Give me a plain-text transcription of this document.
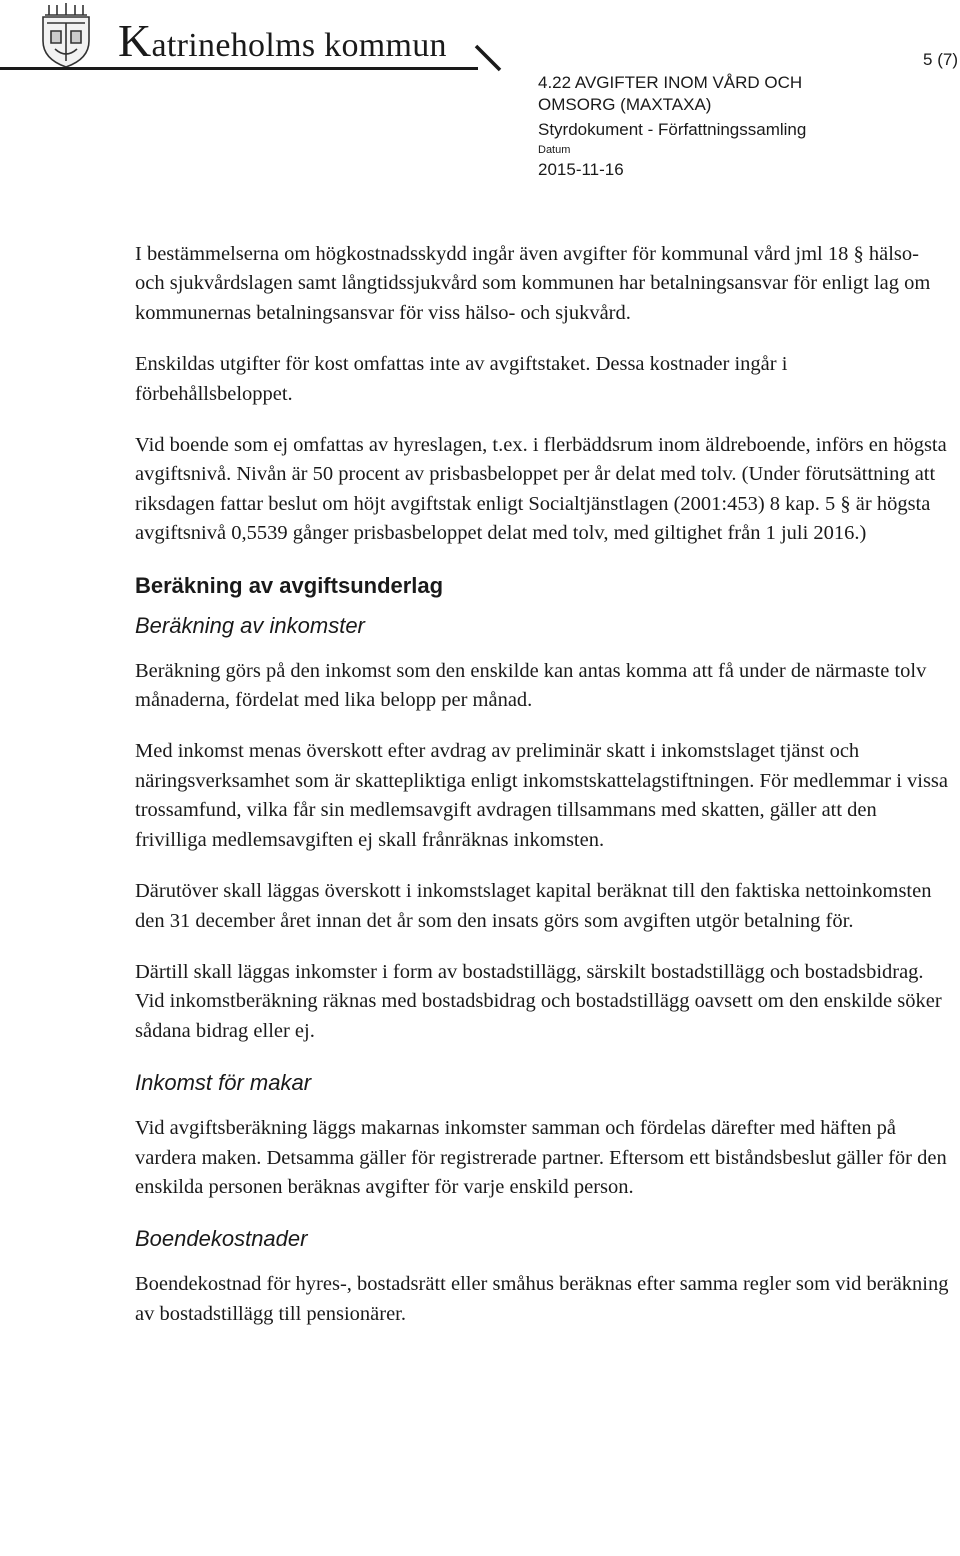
Katrineholms kommun	5 (7)
4.22 AVGIFTER INOM VÅRD OCH
OMSORG (MAXTAXA)
Styrdokument - Författningssamling
Datum
2015-11-16

I bestämmelserna om högkostnadsskydd ingår även avgifter för kommunal vård jml 18 § hälso- och sjukvårdslagen samt långtidssjukvård som kommunen har betalningsansvar för enligt lag om kommunernas betalningsansvar för viss hälso- och sjukvård.

Enskildas utgifter för kost omfattas inte av avgiftstaket. Dessa kostnader ingår i förbehållsbeloppet.

Vid boende som ej omfattas av hyreslagen, t.ex. i flerbäddsrum inom äldreboende, införs en högsta avgiftsnivå. Nivån är 50 procent av prisbasbeloppet per år delat med tolv. (Under förutsättning att riksdagen fattar beslut om höjt avgiftstak enligt Socialtjänstlagen (2001:453) 8 kap. 5 § är högsta avgiftsnivå 0,5539 gånger prisbasbeloppet delat med tolv, med giltighet från 1 juli 2016.)

Beräkning av avgiftsunderlag
Beräkning av inkomster

Beräkning görs på den inkomst som den enskilde kan antas komma att få under de närmaste tolv månaderna, fördelat med lika belopp per månad.

Med inkomst menas överskott efter avdrag av preliminär skatt i inkomstslaget tjänst och näringsverksamhet som är skattepliktiga enligt inkomstskattelagstiftningen. För medlemmar i vissa trossamfund, vilka får sin medlemsavgift avdragen tillsammans med skatten, gäller att den frivilliga medlemsavgiften ej skall frånräknas inkomsten.

Därutöver skall läggas överskott i inkomstslaget kapital beräknat till den faktiska nettoinkomsten den 31 december året innan det år som den insats görs som avgiften utgör betalning för.

Därtill skall läggas inkomster i form av bostadstillägg, särskilt bostadstillägg och bostadsbidrag. Vid inkomstberäkning räknas med bostadsbidrag och bostadstillägg oavsett om den enskilde söker sådana bidrag eller ej.

Inkomst för makar

Vid avgiftsberäkning läggs makarnas inkomster samman och fördelas därefter med häften på vardera maken. Detsamma gäller för registrerade partner. Eftersom ett biståndsbeslut gäller för den enskilda personen beräknas avgifter för varje enskild person.

Boendekostnader

Boendekostnad för hyres-, bostadsrätt eller småhus beräknas efter samma regler som vid beräkning av bostadstillägg till pensionärer.
